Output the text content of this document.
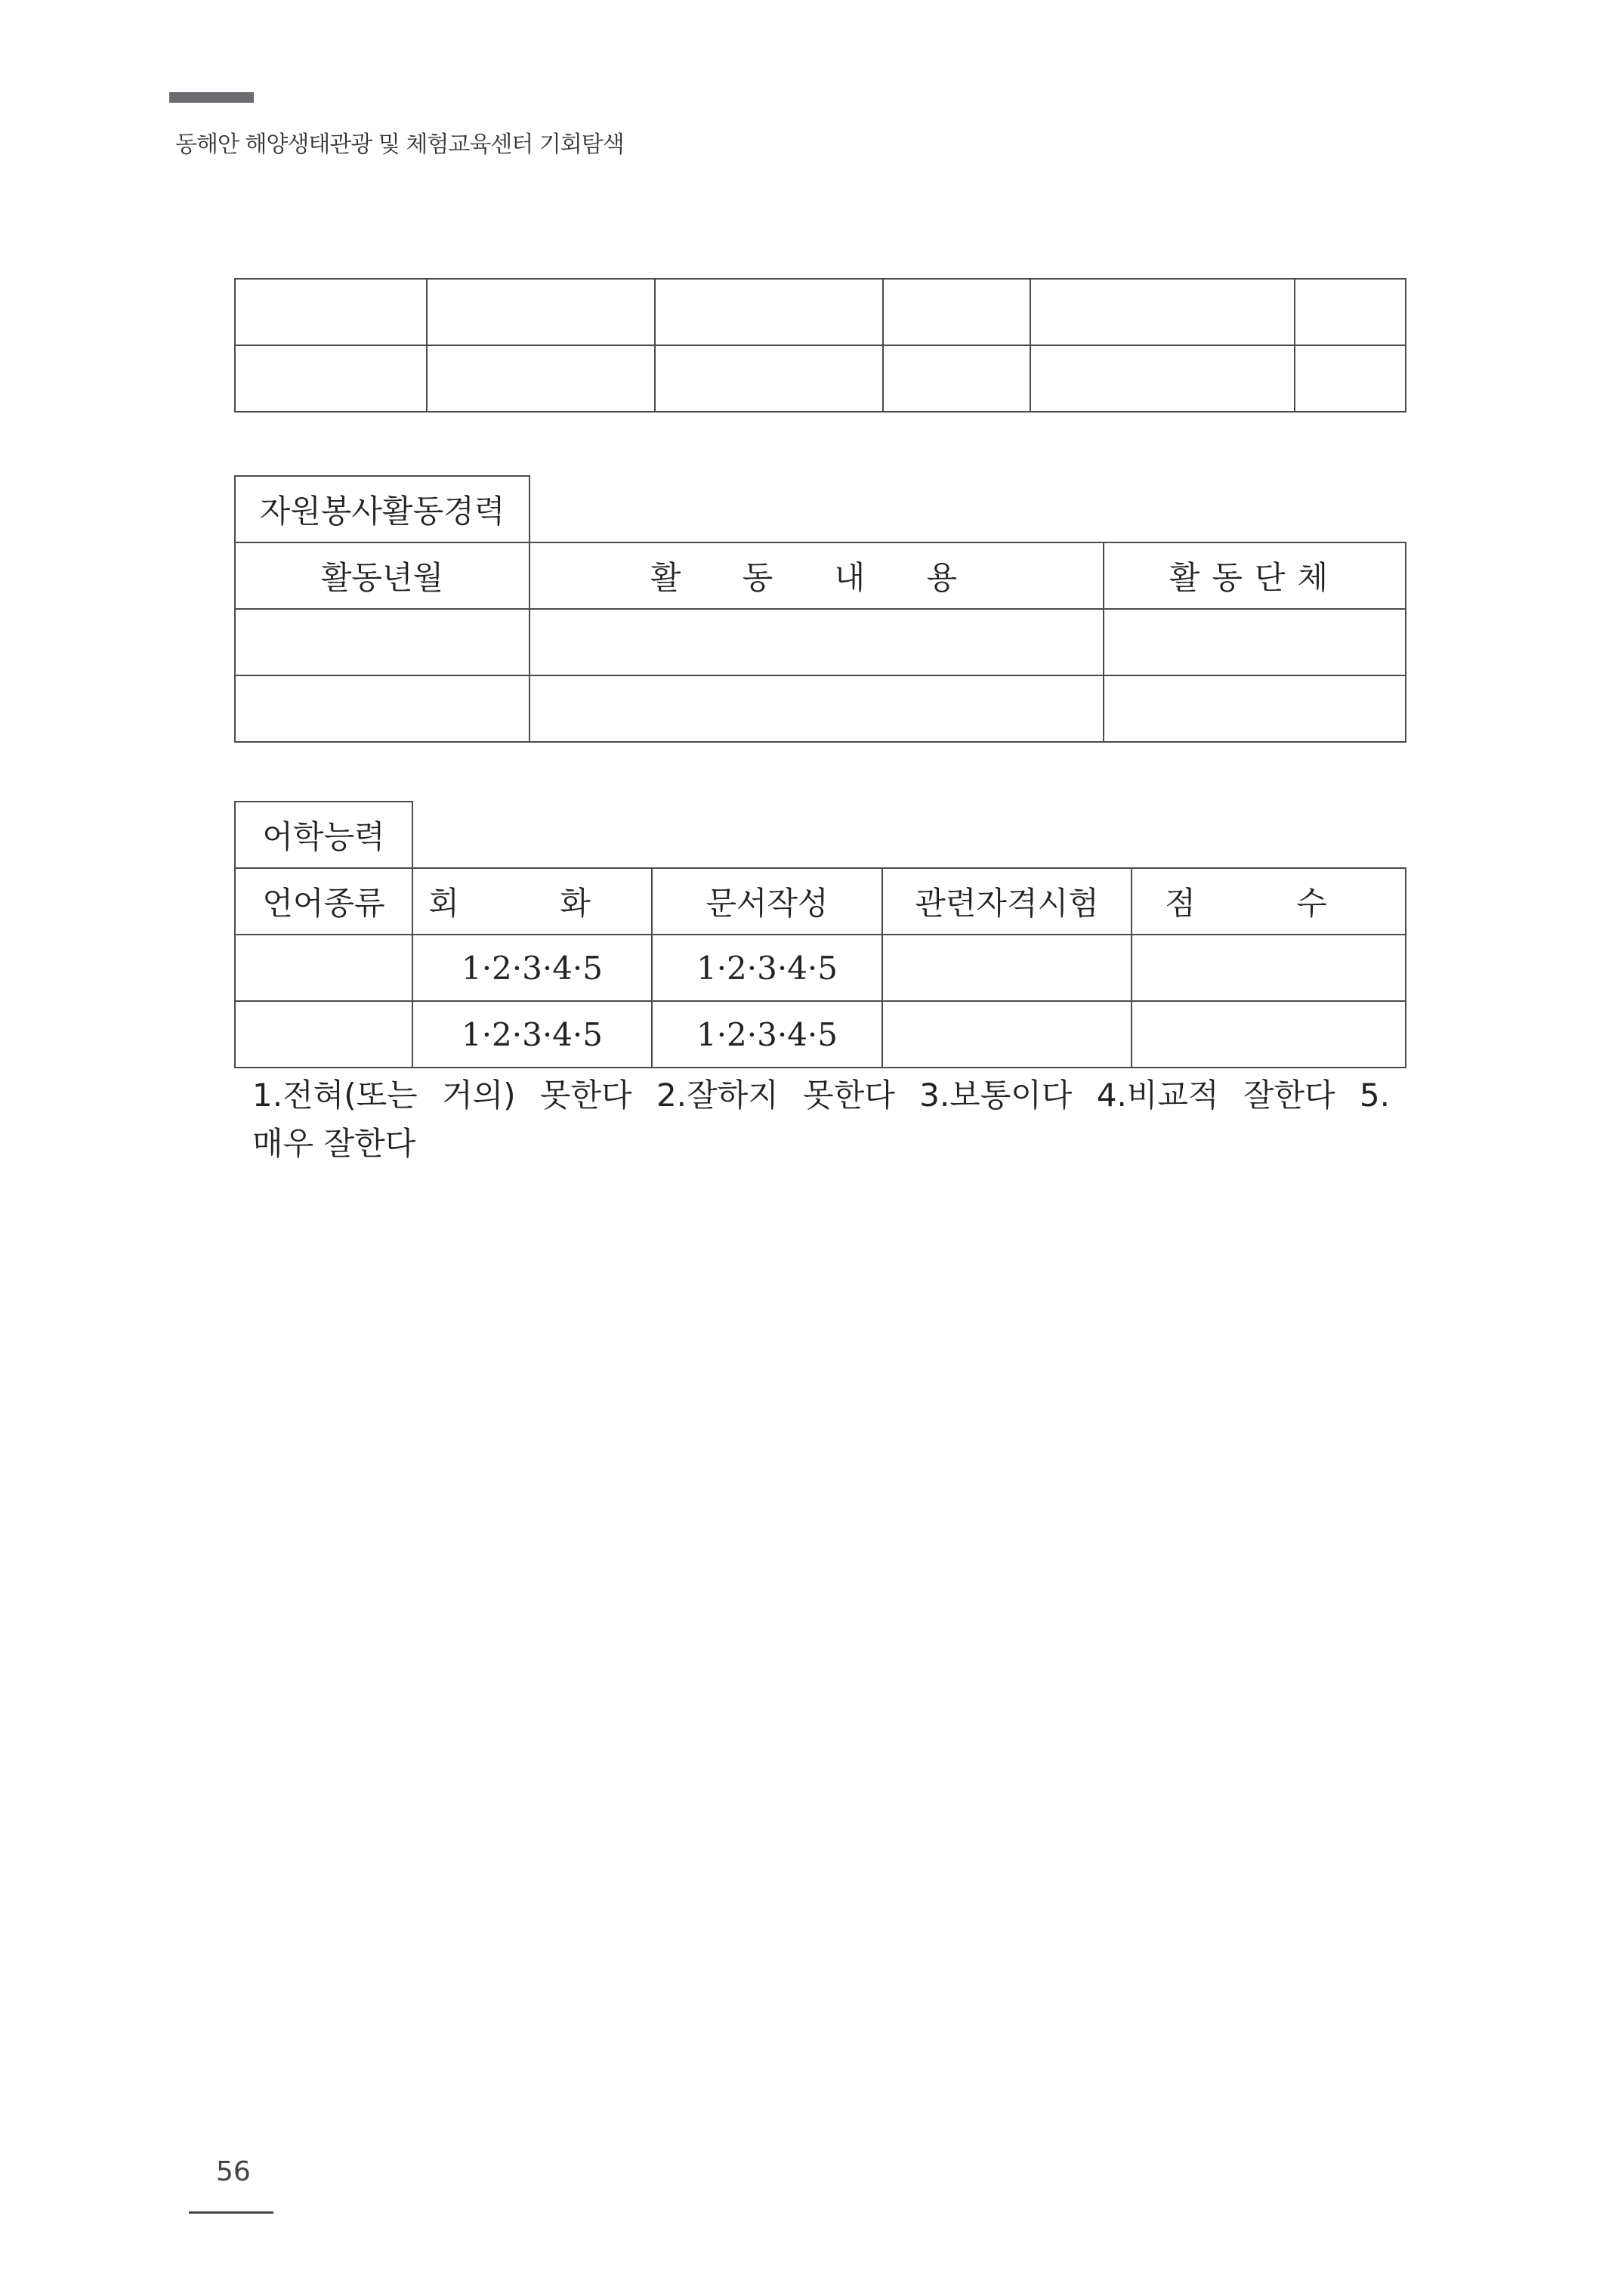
동해안 해양생태관광 및 체험교육센터 기회탐색

자원봉사활동경력		
활동년월	활 동 내 용	활동단체

어학능력				
언어종류	회 화	문서작성	관련자격시험	점 수
	1·2·3·4·5	1·2·3·4·5		
	1·2·3·4·5	1·2·3·4·5		
1.전혀(또는 거의) 못한다 2.잘하지 못한다 3.보통이다 4.비교적 잘한다 5.
매우 잘한다
56
